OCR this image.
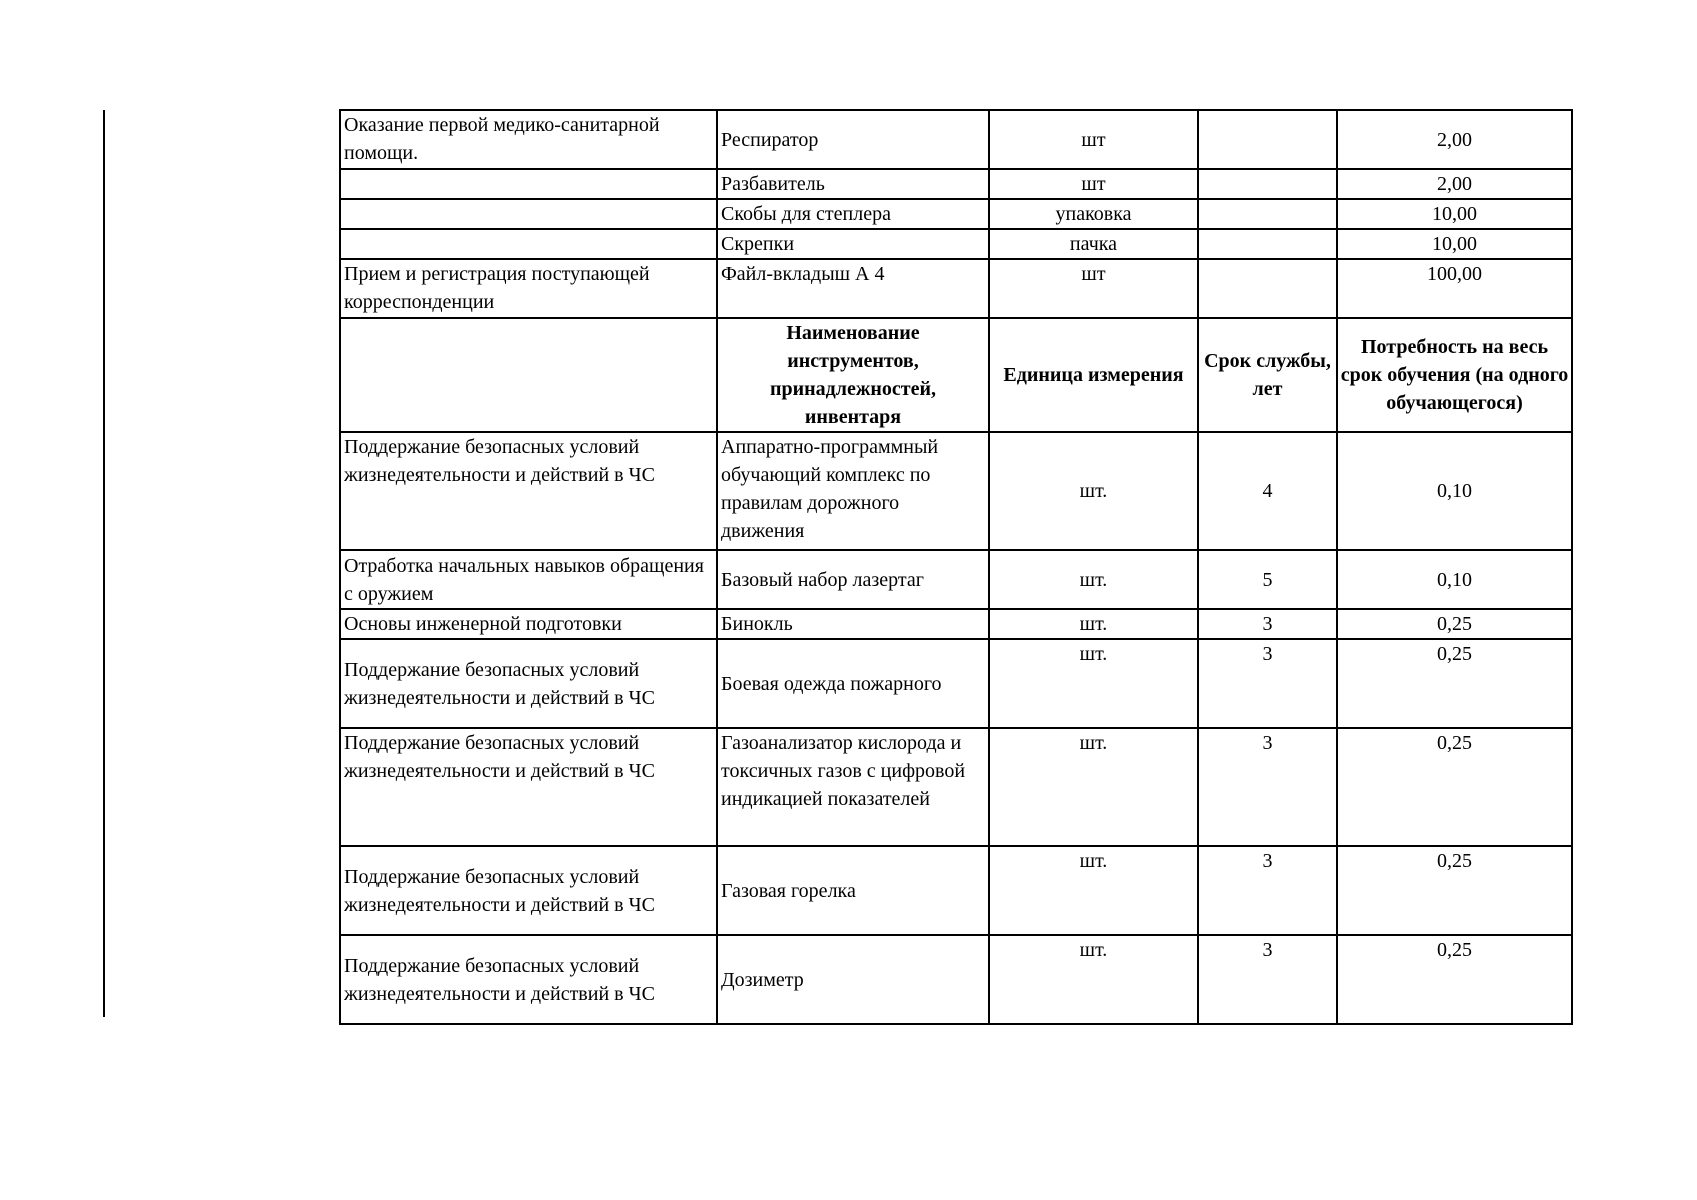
Оказание первой медико-санитарной помощи.	Респиратор	шт		2,00

	Разбавитель	шт		2,00

	Скобы для степлера	упаковка		10,00

	Скрепки	пачка		10,00

Прием и регистрация поступающей корреспонденции	Файл-вкладыш А 4	шт		100,00

	Наименование инструментов, принадлежностей, инвентаря	Единица измерения	Срок службы, лет	Потребность на весь срок обучения (на одного обучающегося)

Поддержание безопасных условий жизнедеятельности и действий в ЧС	Аппаратно-программный обучающий комплекс по правилам дорожного движения	шт.	4	0,10

Отработка начальных навыков обращения с оружием	Базовый набор лазертаг	шт.	5	0,10

Основы инженерной подготовки	Бинокль	шт.	3	0,25

Поддержание безопасных условий жизнедеятельности и действий в ЧС	Боевая одежда пожарного	шт.	3	0,25

Поддержание безопасных условий жизнедеятельности и действий в ЧС	Газоанализатор кислорода и токсичных газов с цифровой индикацией показателей	шт.	3	0,25

Поддержание безопасных условий жизнедеятельности и действий в ЧС	Газовая горелка	шт.	3	0,25

Поддержание безопасных условий жизнедеятельности и действий в ЧС	Дозиметр	шт.	3	0,25
